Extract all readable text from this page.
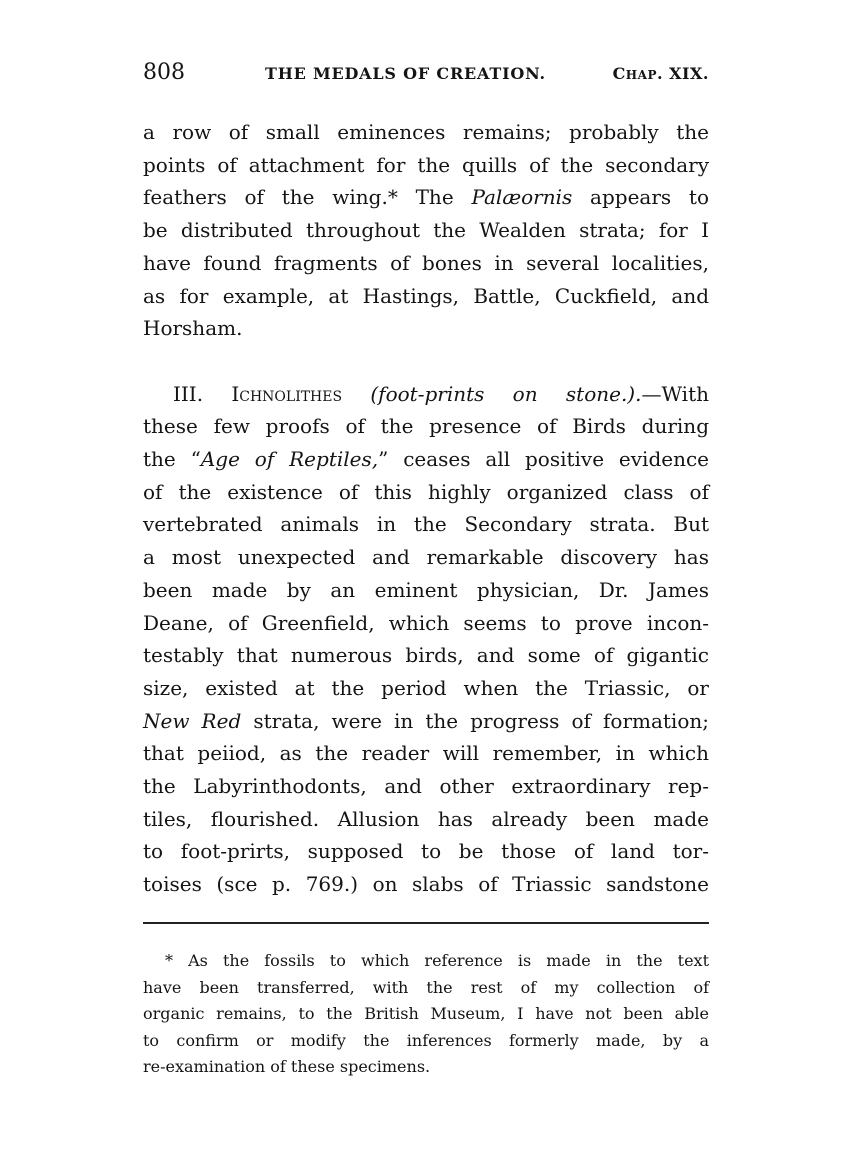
808	THE MEDALS OF CREATION.	CHAP. XIX.
a row of small eminences remains; probably the
points of attachment for the quills of the secondary
feathers of the wing.* The Palæornis appears to
be distributed throughout the Wealden strata; for I
have found fragments of bones in several localities,
as for example, at Hastings, Battle, Cuckfield, and
Horsham.
III. Ichnolithes (foot-prints on stone.).—With
these few proofs of the presence of Birds during
the “Age of Reptiles,” ceases all positive evidence
of the existence of this highly organized class of
vertebrated animals in the Secondary strata. But
a most unexpected and remarkable discovery has
been made by an eminent physician, Dr. James
Deane, of Greenfield, which seems to prove incon-
testably that numerous birds, and some of gigantic
size, existed at the period when the Triassic, or
New Red strata, were in the progress of formation;
that peiiod, as the reader will remember, in which
the Labyrinthodonts, and other extraordinary rep-
tiles, flourished. Allusion has already been made
to foot-prirts, supposed to be those of land tor-
toises (sce p. 769.) on slabs of Triassic sandstone
* As the fossils to which reference is made in the text
have been transferred, with the rest of my collection of
organic remains, to the British Museum, I have not been able
to confirm or modify the inferences formerly made, by a
re-examination of these specimens.
